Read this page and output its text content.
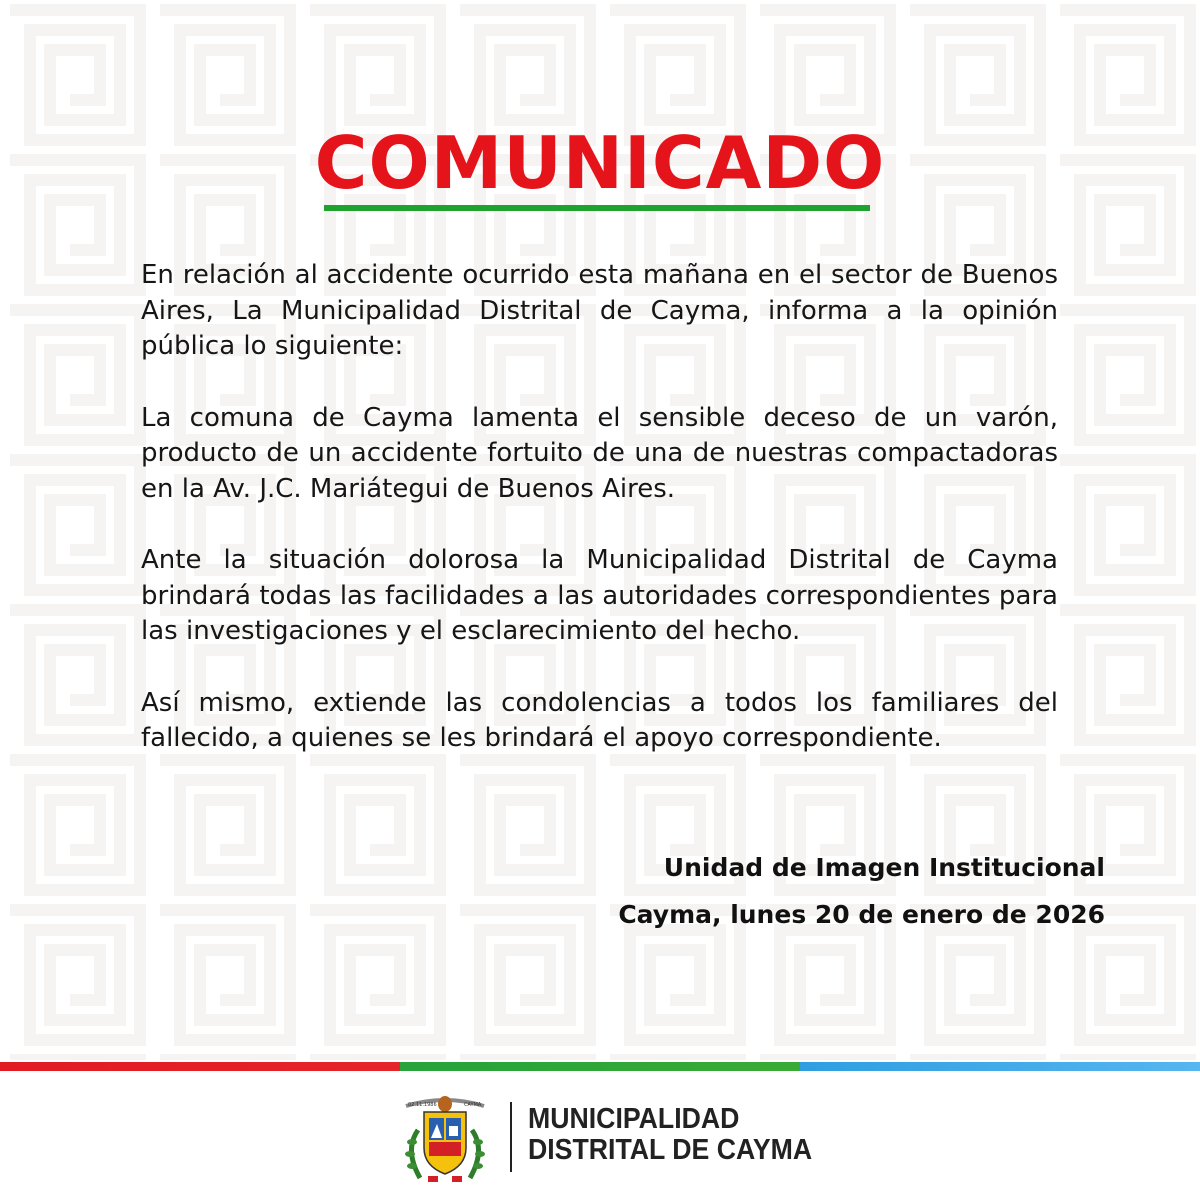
COMUNICADO

En relación al accidente ocurrido esta mañana en el sector de Buenos Aires, La Municipalidad Distrital de Cayma, informa a la opinión pública lo siguiente:

La comuna de Cayma lamenta el sensible deceso de un varón, producto de un accidente fortuito de una de nuestras compactadoras en la Av. J.C. Mariátegui de Buenos Aires.

Ante la situación dolorosa la Municipalidad Distrital de Cayma brindará todas las facilidades a las autoridades correspondientes para las investigaciones y el esclarecimiento del hecho.

Así mismo, extiende las condolencias a todos los familiares del fallecido, a quienes se les brindará el apoyo correspondiente.

Unidad de Imagen Institucional
Cayma, lunes 20 de enero de 2026
02.11.1986	CAYMA MUNICIPALIDAD
DISTRITAL DE CAYMA
